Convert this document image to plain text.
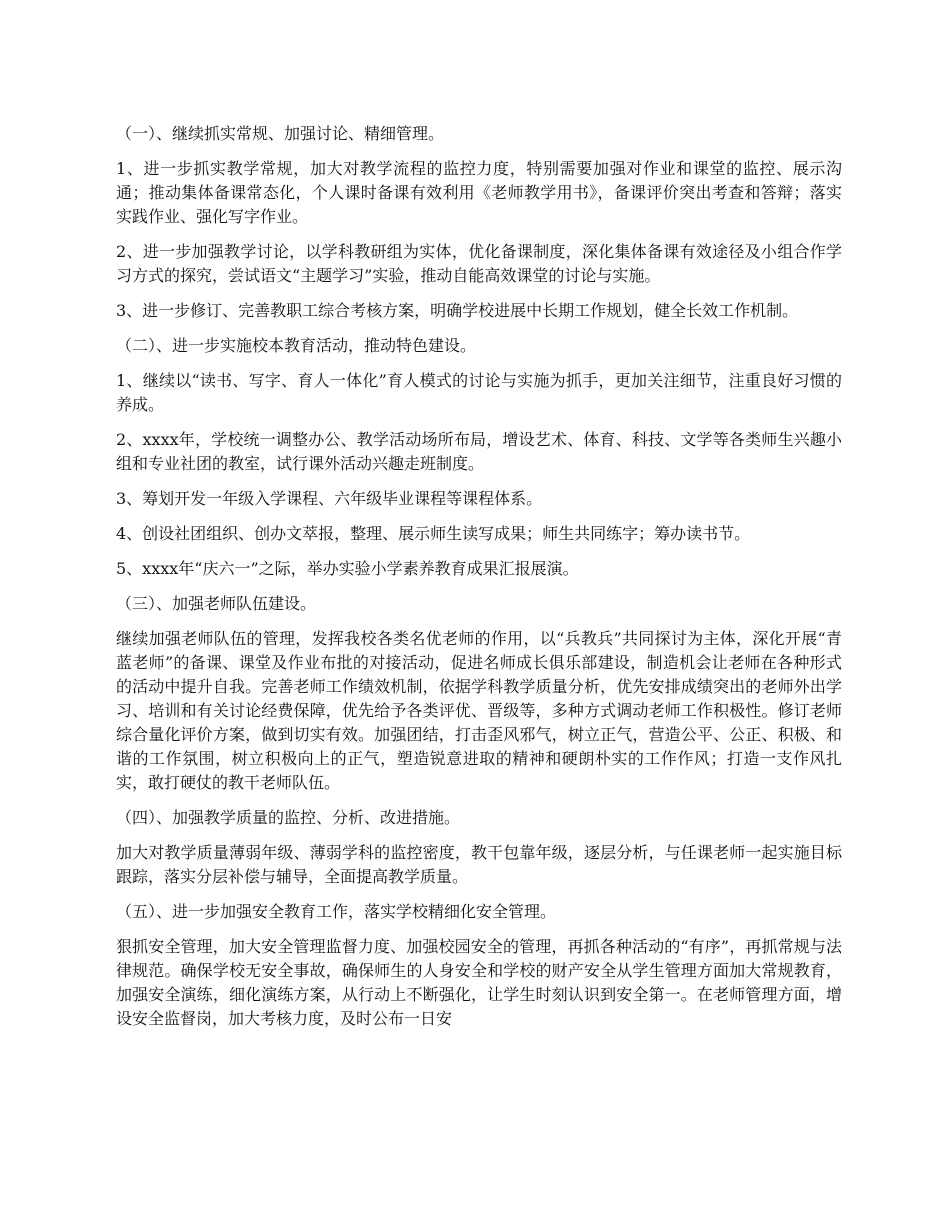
（一）、继续抓实常规、加强讨论、精细管理。

1、进一步抓实教学常规，加大对教学流程的监控力度，特别需要加强对作业和课堂的监控、展示沟通；推动集体备课常态化，个人课时备课有效利用《老师教学用书》，备课评价突出考查和答辩；落实实践作业、强化写字作业。

2、进一步加强教学讨论，以学科教研组为实体，优化备课制度，深化集体备课有效途径及小组合作学习方式的探究，尝试语文“主题学习”实验，推动自能高效课堂的讨论与实施。

3、进一步修订、完善教职工综合考核方案，明确学校进展中长期工作规划，健全长效工作机制。

（二）、进一步实施校本教育活动，推动特色建设。

1、继续以“读书、写字、育人一体化”育人模式的讨论与实施为抓手，更加关注细节，注重良好习惯的养成。

2、xxxx年，学校统一调整办公、教学活动场所布局，增设艺术、体育、科技、文学等各类师生兴趣小组和专业社团的教室，试行课外活动兴趣走班制度。

3、筹划开发一年级入学课程、六年级毕业课程等课程体系。

4、创设社团组织、创办文萃报，整理、展示师生读写成果；师生共同练字；筹办读书节。

5、xxxx年“庆六一”之际，举办实验小学素养教育成果汇报展演。

（三）、加强老师队伍建设。

继续加强老师队伍的管理，发挥我校各类名优老师的作用，以“兵教兵”共同探讨为主体，深化开展“青蓝老师”的备课、课堂及作业布批的对接活动，促进名师成长俱乐部建设，制造机会让老师在各种形式的活动中提升自我。完善老师工作绩效机制，依据学科教学质量分析，优先安排成绩突出的老师外出学习、培训和有关讨论经费保障，优先给予各类评优、晋级等，多种方式调动老师工作积极性。修订老师综合量化评价方案，做到切实有效。加强团结，打击歪风邪气，树立正气，营造公平、公正、积极、和谐的工作氛围，树立积极向上的正气，塑造锐意进取的精神和硬朗朴实的工作作风；打造一支作风扎实，敢打硬仗的教干老师队伍。

（四）、加强教学质量的监控、分析、改进措施。

加大对教学质量薄弱年级、薄弱学科的监控密度，教干包靠年级，逐层分析，与任课老师一起实施目标跟踪，落实分层补偿与辅导，全面提高教学质量。

（五）、进一步加强安全教育工作，落实学校精细化安全管理。

狠抓安全管理，加大安全管理监督力度、加强校园安全的管理，再抓各种活动的“有序”，再抓常规与法律规范。确保学校无安全事故，确保师生的人身安全和学校的财产安全从学生管理方面加大常规教育，加强安全演练，细化演练方案，从行动上不断强化，让学生时刻认识到安全第一。在老师管理方面，增设安全监督岗，加大考核力度，及时公布一日安
